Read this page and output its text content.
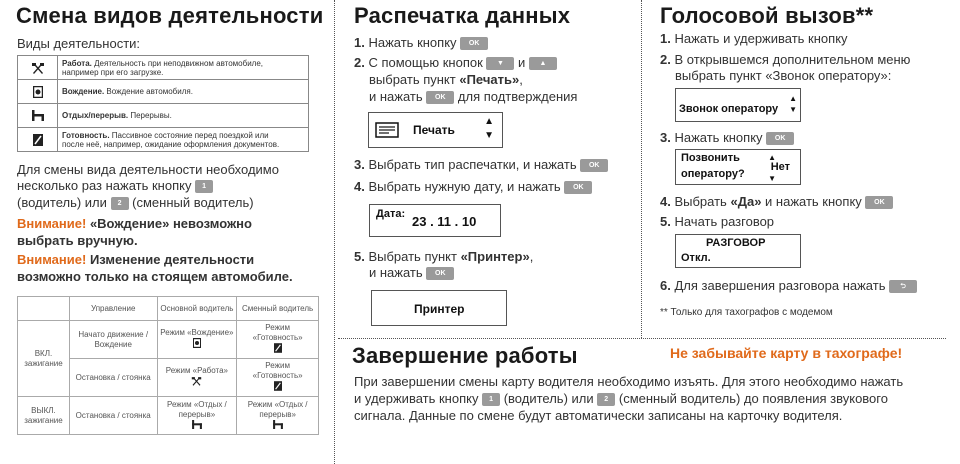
Смена видов деятельности
Виды деятельности:
	Работа. Деятельность при неподвижном автомобиле,
например при его загрузке.
	Вождение. Вождение автомобиля.
	Отдых/перерыв. Перерывы.
	Готовность. Пассивное состояние перед поездкой или
после неё, например, ожидание оформления документов.
Для смены вида деятельности необходимо
несколько раз нажать кнопку 1
(водитель) или 2 (сменный водитель)
Внимание! «Вождение» невозможно
выбрать вручную.
Внимание! Изменение деятельности
возможно только на стоящем автомобиле.
	Управление	Основной водитель	Сменный водитель
ВКЛ. зажигание	Начато движение / Вождение	Режим «Вождение»	Режим «Готовность»

	Остановка / стоянка	Режим «Работа»	Режим «Готовность»

ВЫКЛ. зажигание	Остановка / стоянка	Режим «Отдых / перерыв»	Режим «Отдых / перерыв»
Распечатка данных
1. Нажать кнопку OK
2. С помощью кнопок ▼ и ▲
выбрать пункт «Печать»,
и нажать OK для подтверждения
Печать
▲
▼
3. Выбрать тип распечатки, и нажать OK
4. Выбрать нужную дату, и нажать OK
Дата: 23 . 11 . 10
5. Выбрать пункт «Принтер»,
и нажать OK
Принтер
Голосовой вызов**
1. Нажать и удерживать кнопку
2. В открывшемся дополнительном меню
выбрать пункт «Звонок оператору»:
Звонок оператору
▲
▼
3. Нажать кнопку OK
Позвонить
оператору?
▲
Нет
▼
4. Выбрать «Да» и нажать кнопку OK
5. Начать разговор
РАЗГОВОР
Откл.
6. Для завершения разговора нажать ⮌
** Только для тахографов с модемом
Завершение работы	Не забывайте карту в тахографе!
При завершении смены карту водителя необходимо изъять. Для этого необходимо нажать
и удерживать кнопку 1 (водитель) или 2 (сменный водитель) до появления звукового
сигнала. Данные по смене будут автоматически записаны на карточку водителя.
